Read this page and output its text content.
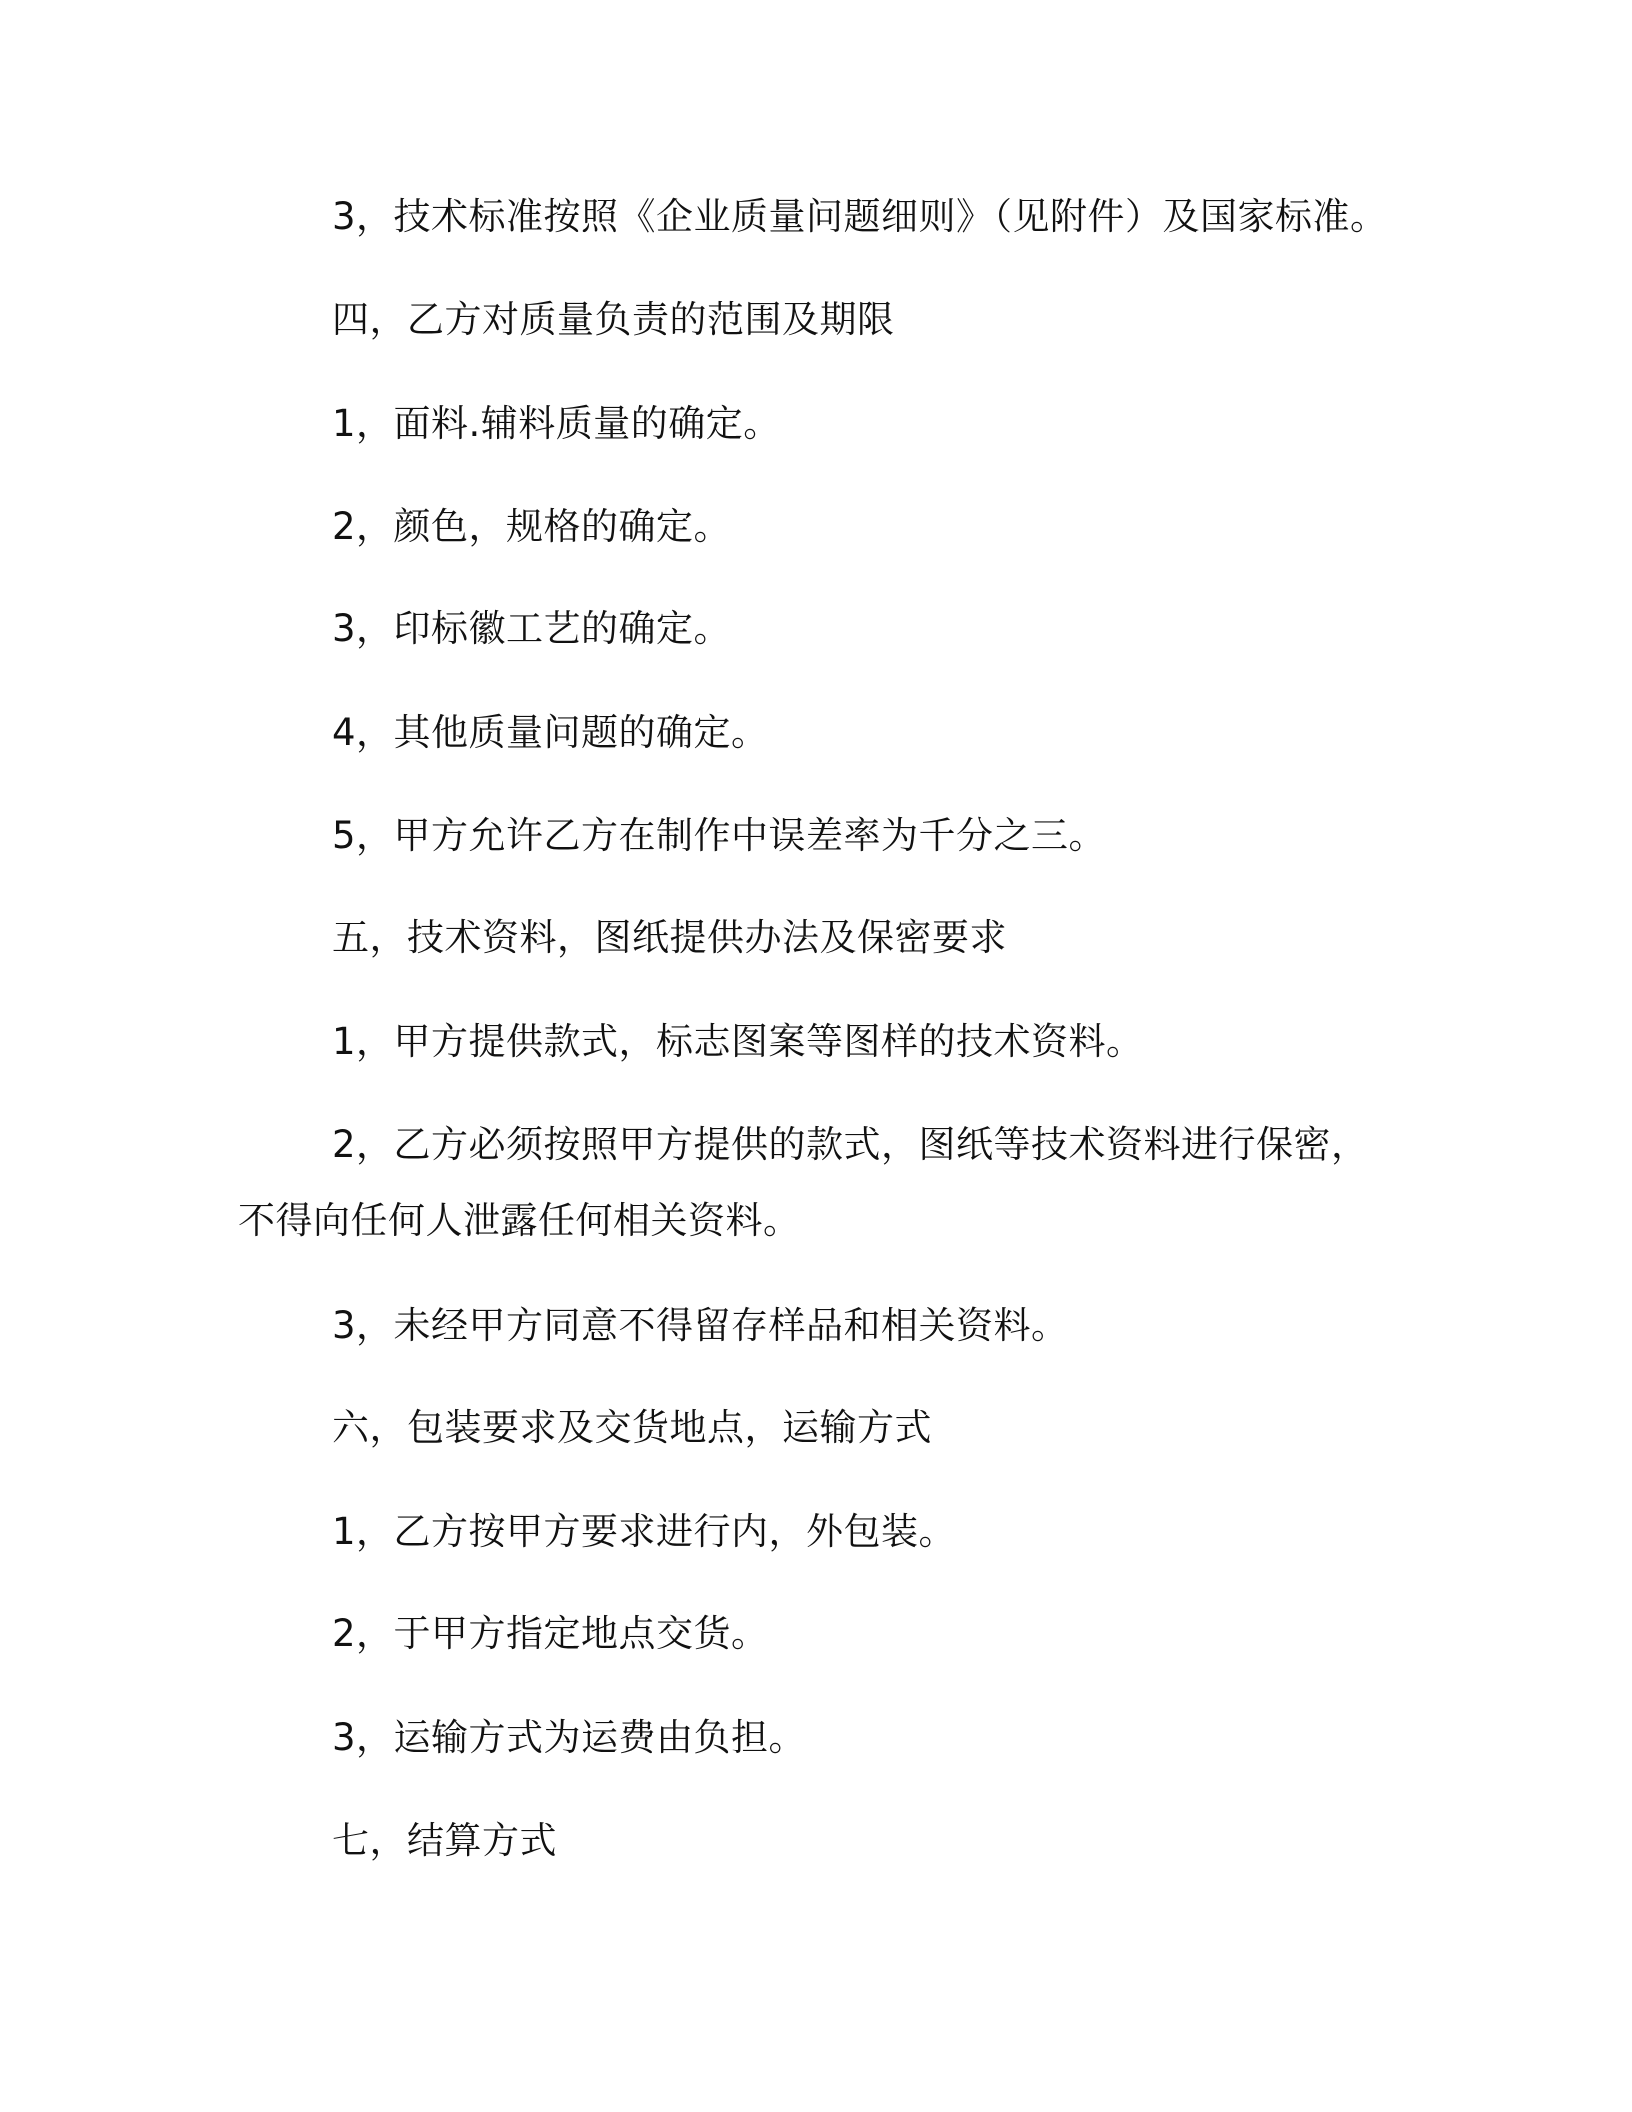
3，技术标准按照《企业质量问题细则》（见附件）及国家标准。
四，乙方对质量负责的范围及期限
1，面料.辅料质量的确定。
2，颜色，规格的确定。
3，印标徽工艺的确定。
4，其他质量问题的确定。
5，甲方允许乙方在制作中误差率为千分之三。
五，技术资料，图纸提供办法及保密要求
1，甲方提供款式，标志图案等图样的技术资料。
2，乙方必须按照甲方提供的款式，图纸等技术资料进行保密，
不得向任何人泄露任何相关资料。
3，未经甲方同意不得留存样品和相关资料。
六，包装要求及交货地点，运输方式
1，乙方按甲方要求进行内，外包装。
2，于甲方指定地点交货。
3，运输方式为运费由负担。
七，结算方式
